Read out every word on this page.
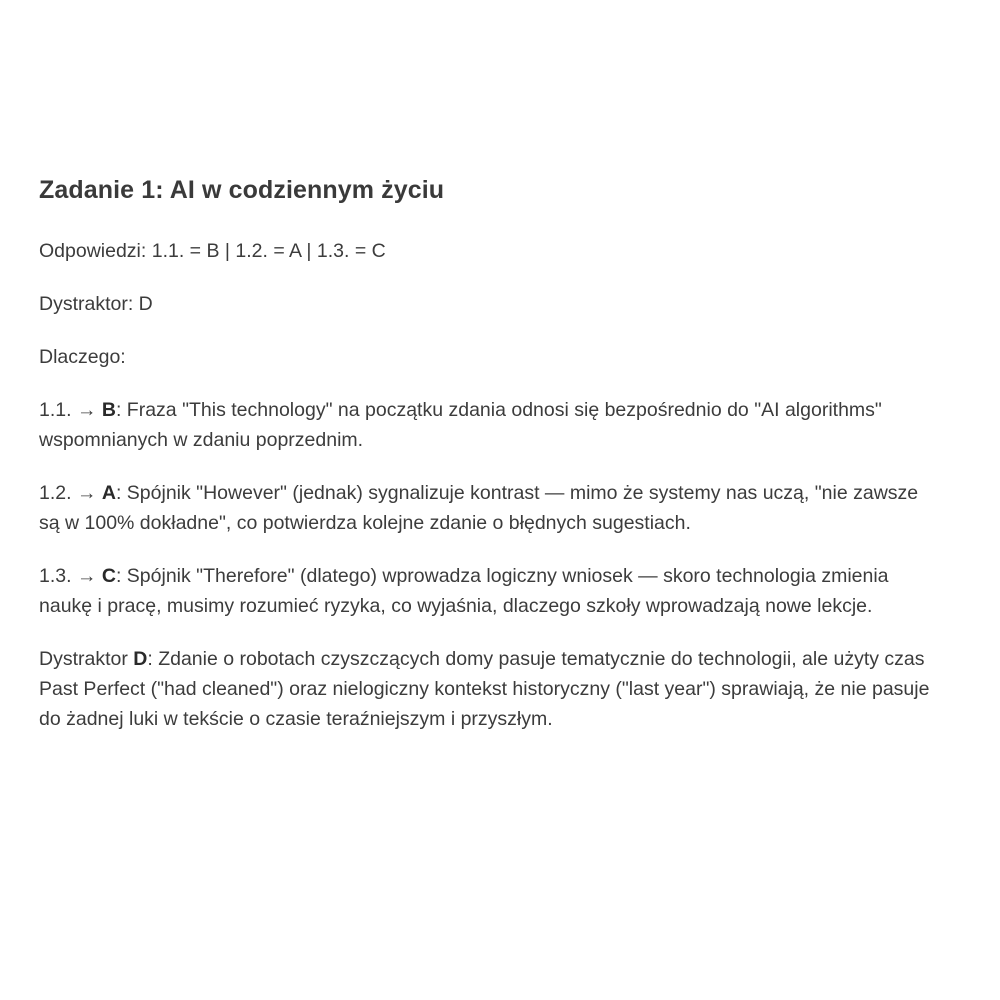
Zadanie 1: AI w codziennym życiu

Odpowiedzi: 1.1. = B | 1.2. = A | 1.3. = C

Dystraktor: D

Dlaczego:

1.1. → B: Fraza "This technology" na początku zdania odnosi się bezpośrednio do "AI algorithms" wspomnianych w zdaniu poprzednim.

1.2. → A: Spójnik "However" (jednak) sygnalizuje kontrast — mimo że systemy nas uczą, "nie zawsze są w 100% dokładne", co potwierdza kolejne zdanie o błędnych sugestiach.

1.3. → C: Spójnik "Therefore" (dlatego) wprowadza logiczny wniosek — skoro technologia zmienia naukę i pracę, musimy rozumieć ryzyka, co wyjaśnia, dlaczego szkoły wprowadzają nowe lekcje.

Dystraktor D: Zdanie o robotach czyszczących domy pasuje tematycznie do technologii, ale użyty czas Past Perfect ("had cleaned") oraz nielogiczny kontekst historyczny ("last year") sprawiają, że nie pasuje do żadnej luki w tekście o czasie teraźniejszym i przyszłym.
